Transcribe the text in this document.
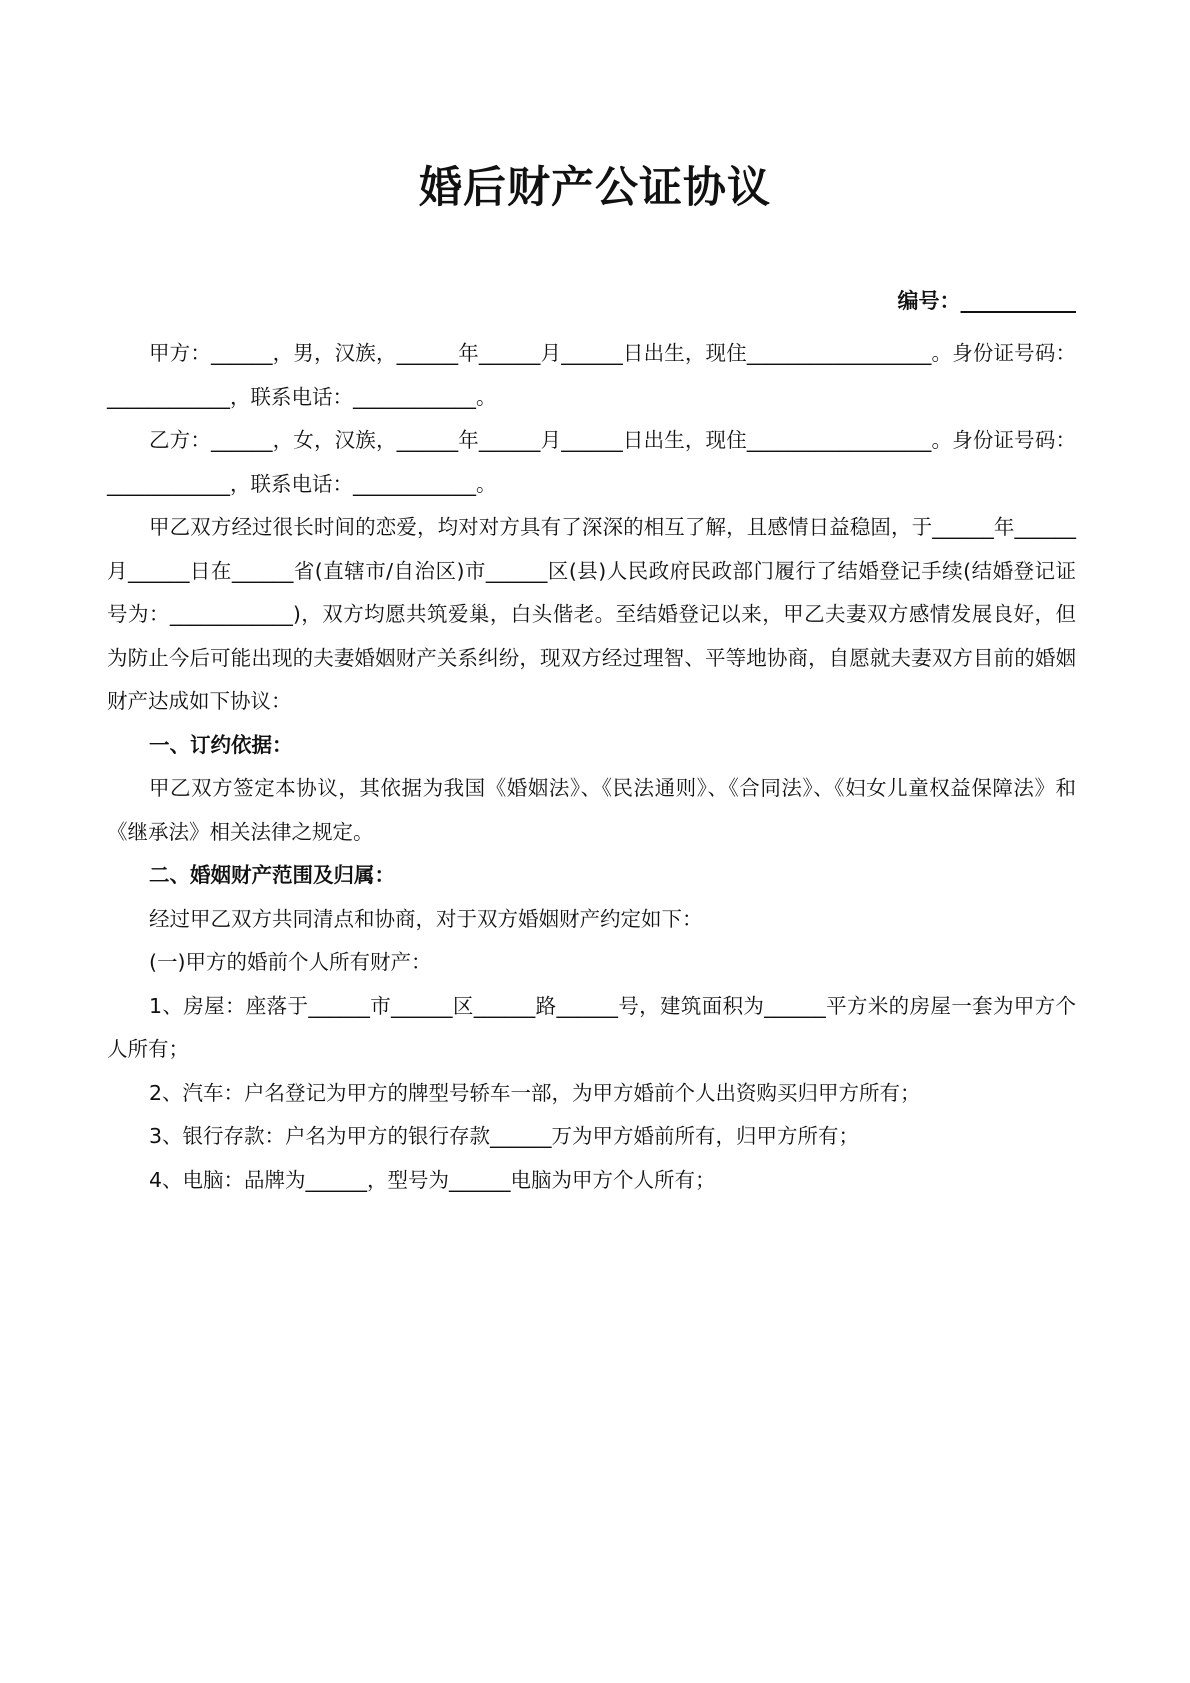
婚后财产公证协议
编号：___________

甲方：______，男，汉族，______年______月______日出生，现住__________________。身份证号码：____________，联系电话：____________。

乙方：______，女，汉族，______年______月______日出生，现住__________________。身份证号码：____________，联系电话：____________。

甲乙双方经过很长时间的恋爱，均对对方具有了深深的相互了解，且感情日益稳固，于______年______月______日在______省(直辖市/自治区)市______区(县)人民政府民政部门履行了结婚登记手续(结婚登记证号为：____________)，双方均愿共筑爱巢，白头偕老。至结婚登记以来，甲乙夫妻双方感情发展良好，但为防止今后可能出现的夫妻婚姻财产关系纠纷，现双方经过理智、平等地协商，自愿就夫妻双方目前的婚姻财产达成如下协议：

一、订约依据：

甲乙双方签定本协议，其依据为我国《婚姻法》、《民法通则》、《合同法》、《妇女儿童权益保障法》和《继承法》相关法律之规定。

二、婚姻财产范围及归属：

经过甲乙双方共同清点和协商，对于双方婚姻财产约定如下：

(一)甲方的婚前个人所有财产：

1、房屋：座落于______市______区______路______号，建筑面积为______平方米的房屋一套为甲方个人所有；

2、汽车：户名登记为甲方的牌型号轿车一部，为甲方婚前个人出资购买归甲方所有；

3、银行存款：户名为甲方的银行存款______万为甲方婚前所有，归甲方所有；

4、电脑：品牌为______，型号为______电脑为甲方个人所有；
